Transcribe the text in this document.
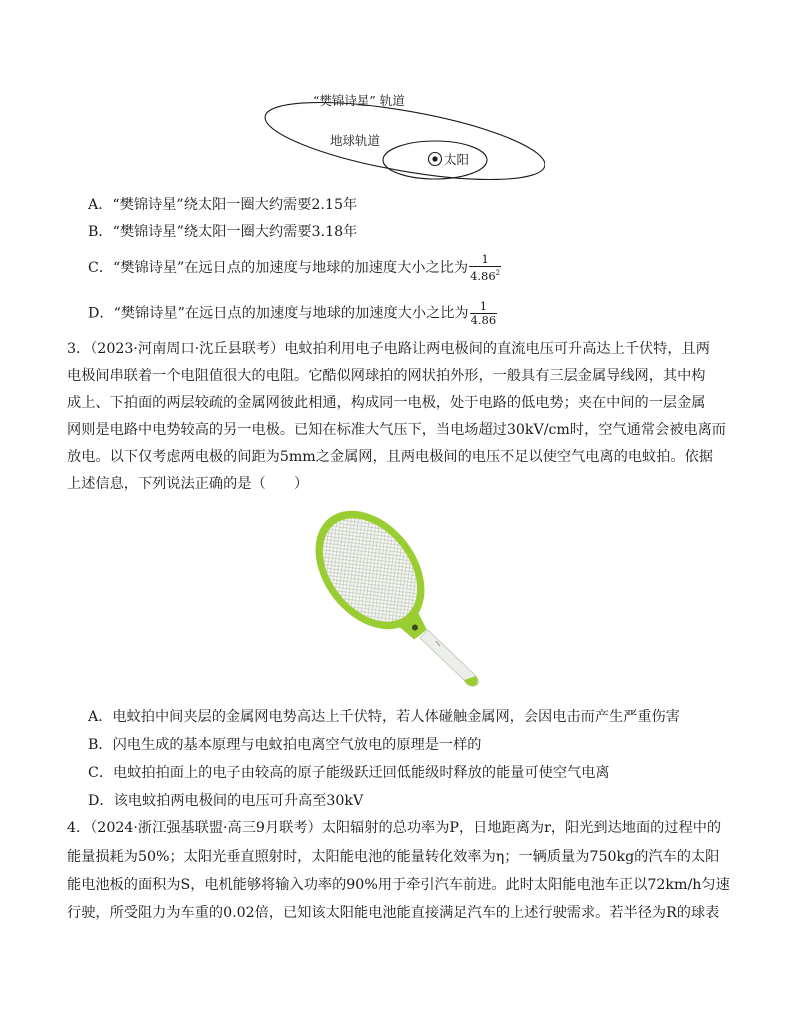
“樊锦诗星” 轨道
地球轨道
太阳
A．“樊锦诗星”绕太阳一圈大约需要2.15年
B．“樊锦诗星”绕太阳一圈大约需要3.18年
C．“樊锦诗星”在远日点的加速度与地球的加速度大小之比为 $\frac{1}{4.86^2}$
D．“樊锦诗星”在远日点的加速度与地球的加速度大小之比为 $\frac{1}{4.86}$
3．（2023·河南周口·沈丘县联考）电蚊拍利用电子电路让两电极间的直流电压可升高达上千伏特，且两
电极间串联着一个电阻值很大的电阻。它酷似网球拍的网状拍外形，一般具有三层金属导线网，其中构
成上、下拍面的两层较疏的金属网彼此相通，构成同一电极，处于电路的低电势；夹在中间的一层金属
网则是电路中电势较高的另一电极。已知在标准大气压下，当电场超过30kV/cm时，空气通常会被电离而
放电。以下仅考虑两电极的间距为5mm之金属网，且两电极间的电压不足以使空气电离的电蚊拍。依据
上述信息，下列说法正确的是（　　）
A．电蚊拍中间夹层的金属网电势高达上千伏特，若人体碰触金属网，会因电击而产生严重伤害
B．闪电生成的基本原理与电蚊拍电离空气放电的原理是一样的
C．电蚊拍拍面上的电子由较高的原子能级跃迁回低能级时释放的能量可使空气电离
D．该电蚊拍两电极间的电压可升高至30kV
4．（2024·浙江强基联盟·高三9月联考）太阳辐射的总功率为P，日地距离为r，阳光到达地面的过程中的
能量损耗为50%；太阳光垂直照射时，太阳能电池的能量转化效率为η；一辆质量为750kg的汽车的太阳
能电池板的面积为S，电机能够将输入功率的90%用于牵引汽车前进。此时太阳能电池车正以72km/h匀速
行驶，所受阻力为车重的0.02倍，已知该太阳能电池能直接满足汽车的上述行驶需求。若半径为R的球表
